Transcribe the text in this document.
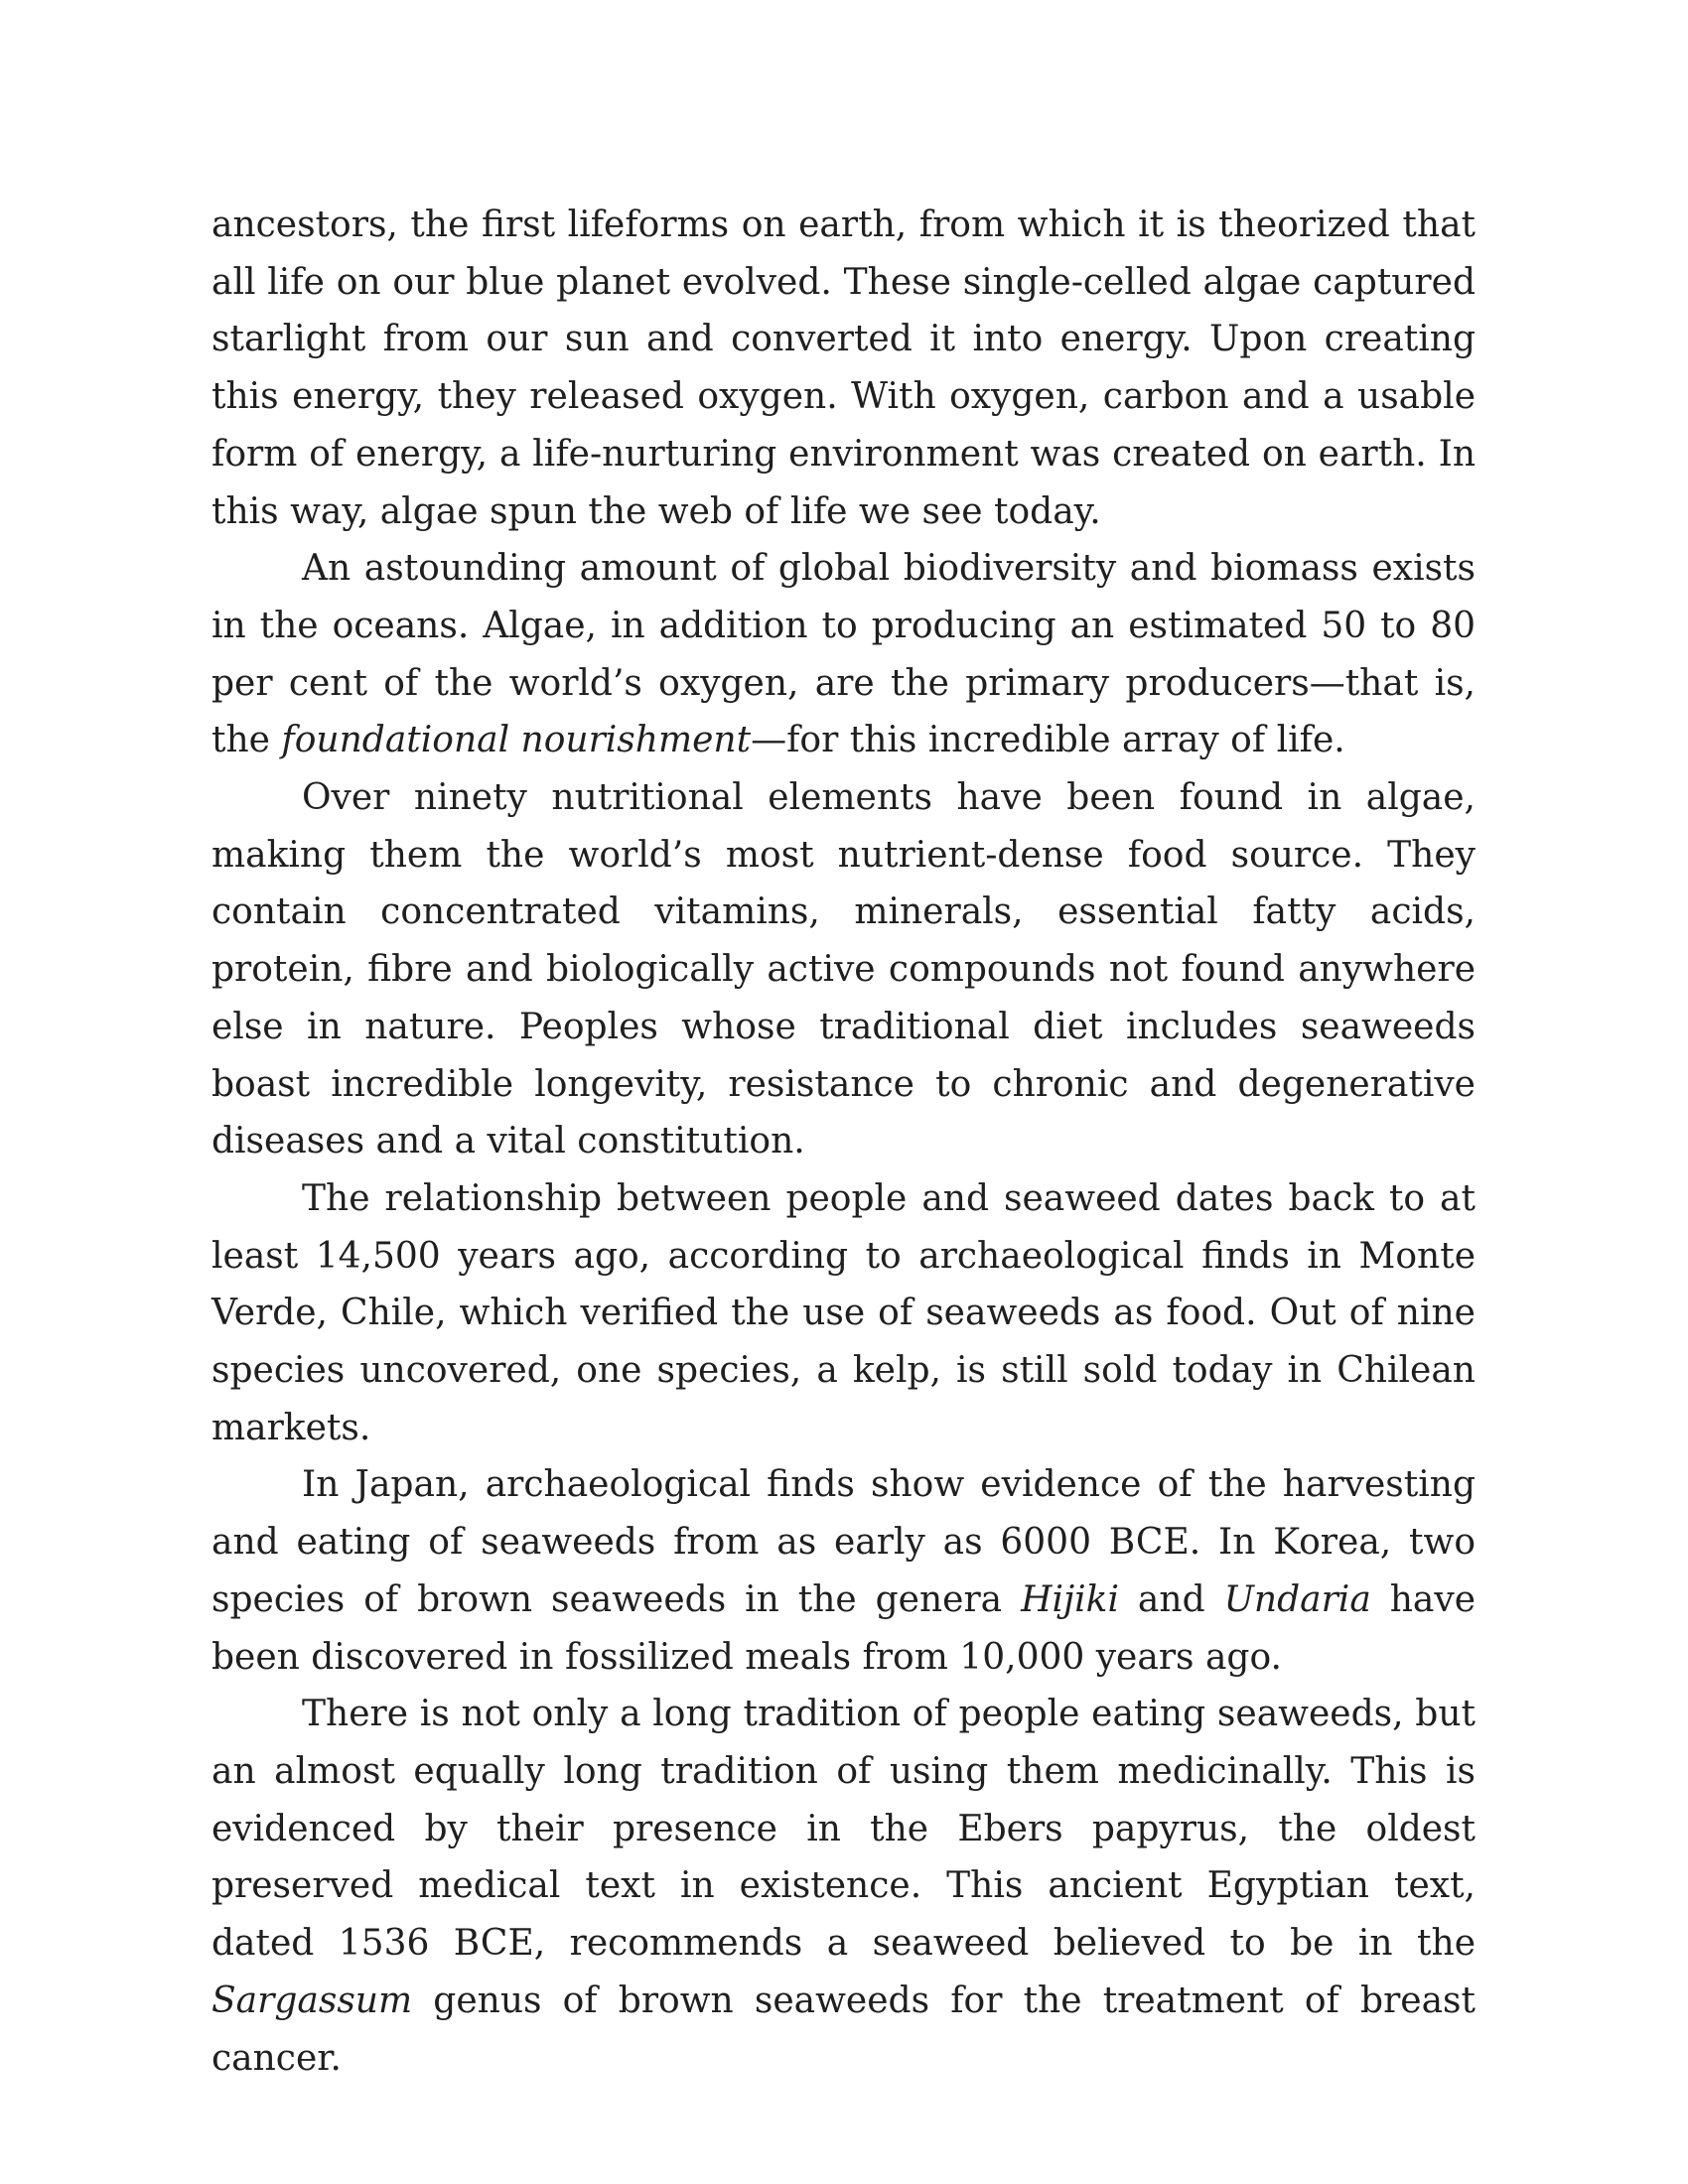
ancestors, the first lifeforms on earth, from which it is theorized that all life on our blue planet evolved. These single-celled algae captured starlight from our sun and converted it into energy. Upon creating this energy, they released oxygen. With oxygen, carbon and a usable form of energy, a life-nurturing environment was created on earth. In this way, algae spun the web of life we see today.

An astounding amount of global biodiversity and biomass exists in the oceans. Algae, in addition to producing an estimated 50 to 80 per cent of the world’s oxygen, are the primary producers—that is, the foundational nourishment—for this incredible array of life.

Over ninety nutritional elements have been found in algae, making them the world’s most nutrient-dense food source. They contain concentrated vitamins, minerals, essential fatty acids, protein, fibre and biologically active compounds not found anywhere else in nature. Peoples whose traditional diet includes seaweeds boast incredible longevity, resistance to chronic and degenerative diseases and a vital constitution.

The relationship between people and seaweed dates back to at least 14,500 years ago, according to archaeological finds in Monte Verde, Chile, which verified the use of seaweeds as food. Out of nine species uncovered, one species, a kelp, is still sold today in Chilean markets.

In Japan, archaeological finds show evidence of the harvesting and eating of seaweeds from as early as 6000 BCE. In Korea, two species of brown seaweeds in the genera Hijiki and Undaria have been discovered in fossilized meals from 10,000 years ago.

There is not only a long tradition of people eating seaweeds, but an almost equally long tradition of using them medicinally. This is evidenced by their presence in the Ebers papyrus, the oldest preserved medical text in existence. This ancient Egyptian text, dated 1536 BCE, recommends a seaweed believed to be in the Sargassum genus of brown seaweeds for the treatment of breast cancer.
